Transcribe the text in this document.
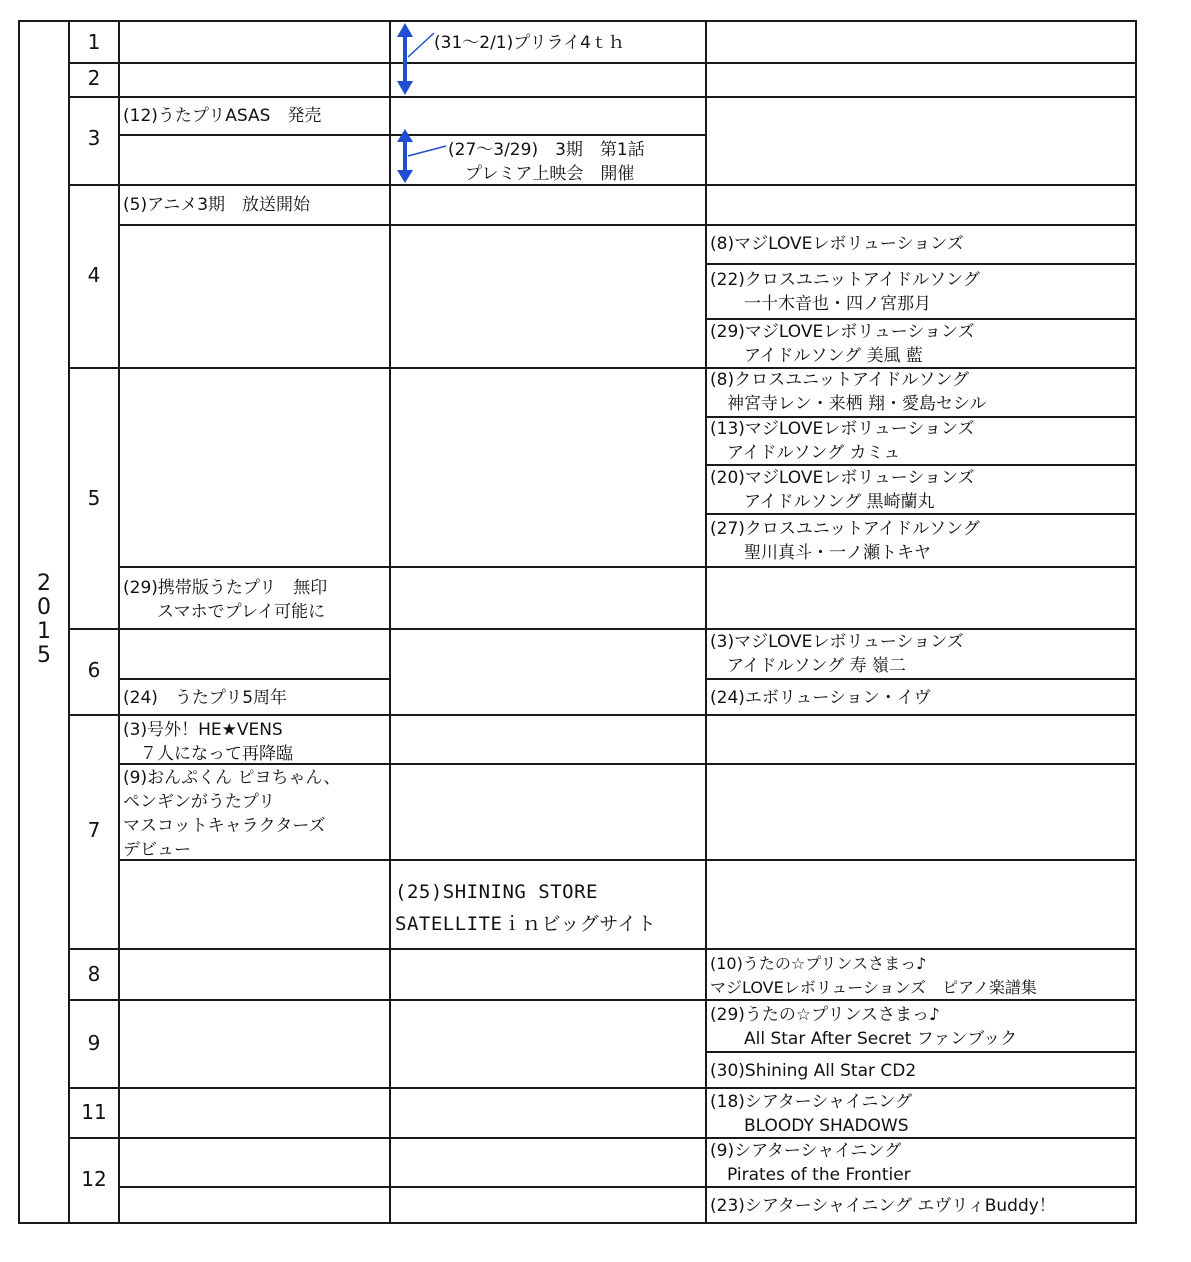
2
0
1
5
1
2
3
4
5
6
7
8
9
11
12
(12)うたプリASAS　発売
(5)アニメ3期　放送開始
(29)携帯版うたプリ　無印
　　スマホでプレイ可能に
(24)　うたプリ5周年
(3)号外！HE★VENS
　７人になって再降臨
(9)おんぷくん ピヨちゃん、
ペンギンがうたプリ
マスコットキャラクターズ
デビュー
(31〜2/1)プリライ4ｔｈ
(27〜3/29)　3期　第1話
　プレミア上映会　開催
(25)SHINING STORE
SATELLITEｉｎビッグサイト
(8)マジLOVEレボリューションズ
(22)クロスユニットアイドルソング
　　一十木音也・四ノ宮那月
(29)マジLOVEレボリューションズ
　　アイドルソング 美風 藍
(8)クロスユニットアイドルソング
　神宮寺レン・来栖 翔・愛島セシル
(13)マジLOVEレボリューションズ
　アイドルソング カミュ
(20)マジLOVEレボリューションズ
　　アイドルソング 黒崎蘭丸
(27)クロスユニットアイドルソング
　　聖川真斗・一ノ瀬トキヤ
(3)マジLOVEレボリューションズ
　アイドルソング 寿 嶺二
(24)エボリューション・イヴ
(10)うたの☆プリンスさまっ♪
マジLOVEレボリューションズ　ピアノ楽譜集
(29)うたの☆プリンスさまっ♪
　　All Star After Secret ファンブック
(30)Shining All Star CD2
(18)シアターシャイニング
　　BLOODY SHADOWS
(9)シアターシャイニング
　Pirates of the Frontier
(23)シアターシャイニング エヴリィBuddy！
